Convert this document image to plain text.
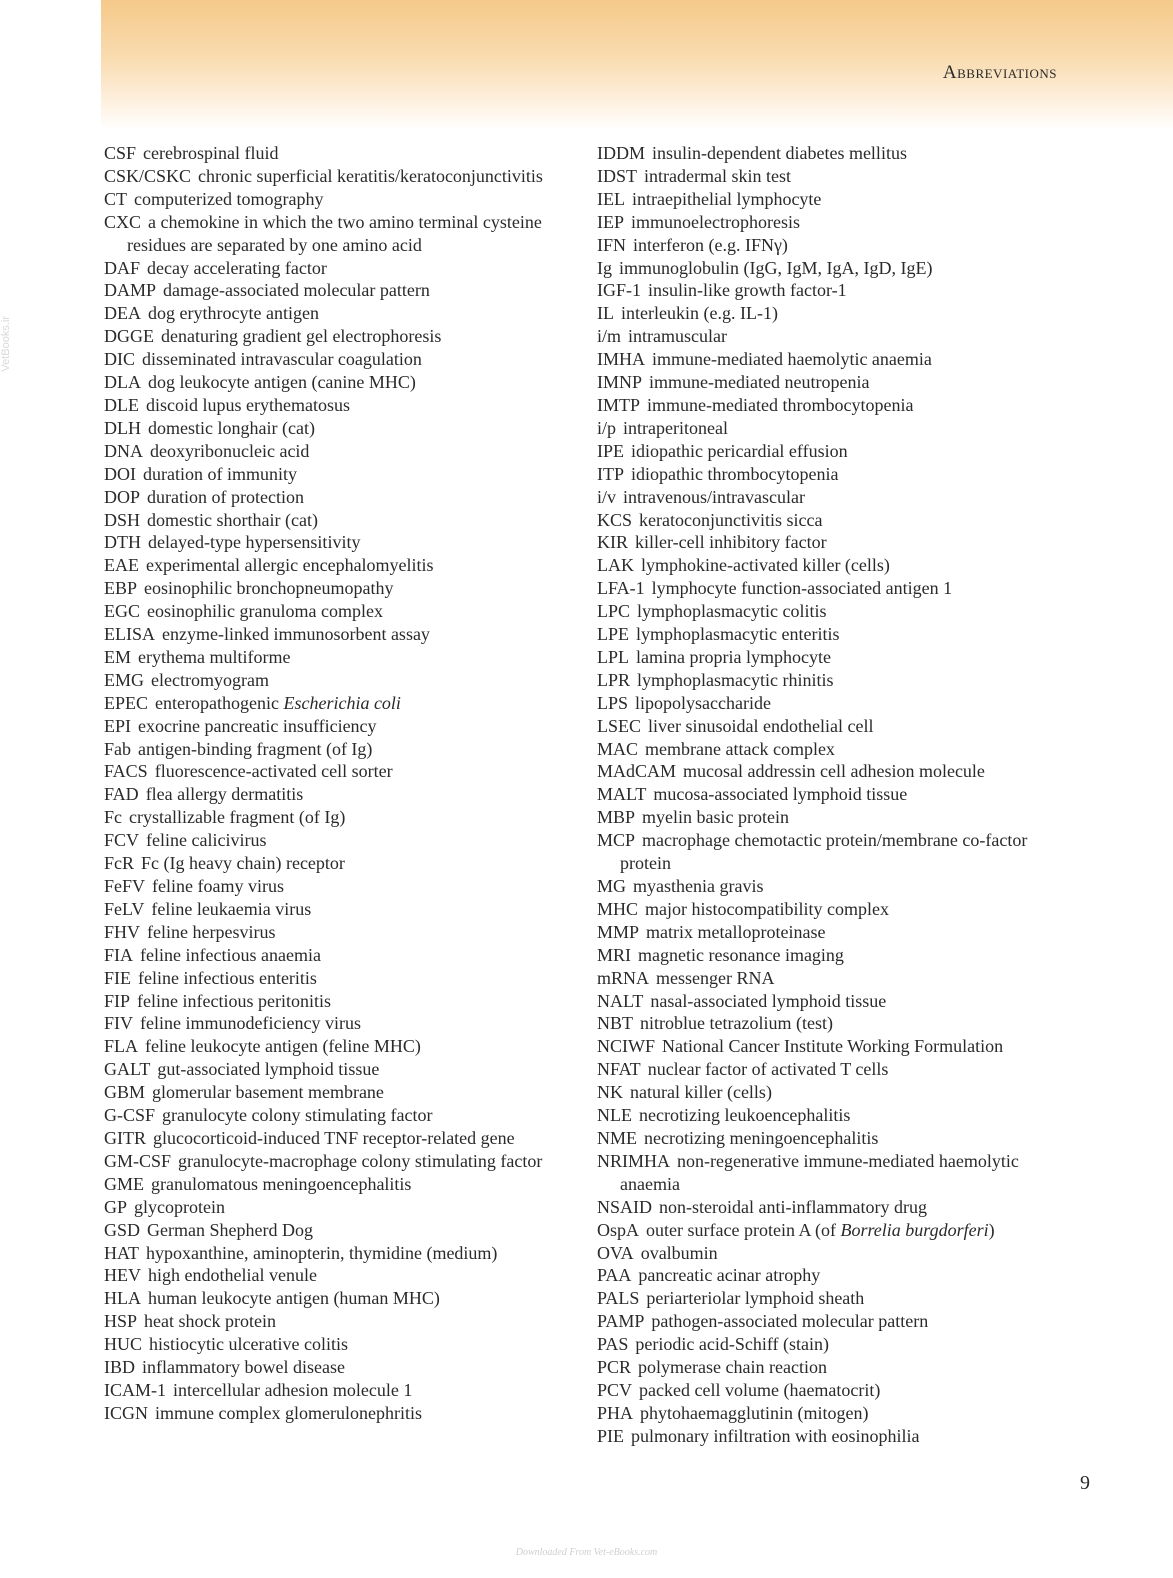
Abbreviations
VetBooks.ir
CSF cerebrospinal fluid
CSK/CSKC chronic superficial keratitis/keratoconjunctivitis
CT computerized tomography
CXC a chemokine in which the two amino terminal cysteine residues are separated by one amino acid
DAF decay accelerating factor
DAMP damage-associated molecular pattern
DEA dog erythrocyte antigen
DGGE denaturing gradient gel electrophoresis
DIC disseminated intravascular coagulation
DLA dog leukocyte antigen (canine MHC)
DLE discoid lupus erythematosus
DLH domestic longhair (cat)
DNA deoxyribonucleic acid
DOI duration of immunity
DOP duration of protection
DSH domestic shorthair (cat)
DTH delayed-type hypersensitivity
EAE experimental allergic encephalomyelitis
EBP eosinophilic bronchopneumopathy
EGC eosinophilic granuloma complex
ELISA enzyme-linked immunosorbent assay
EM erythema multiforme
EMG electromyogram
EPEC enteropathogenic Escherichia coli
EPI exocrine pancreatic insufficiency
Fab antigen-binding fragment (of Ig)
FACS fluorescence-activated cell sorter
FAD flea allergy dermatitis
Fc crystallizable fragment (of Ig)
FCV feline calicivirus
FcR Fc (Ig heavy chain) receptor
FeFV feline foamy virus
FeLV feline leukaemia virus
FHV feline herpesvirus
FIA feline infectious anaemia
FIE feline infectious enteritis
FIP feline infectious peritonitis
FIV feline immunodeficiency virus
FLA feline leukocyte antigen (feline MHC)
GALT gut-associated lymphoid tissue
GBM glomerular basement membrane
G-CSF granulocyte colony stimulating factor
GITR glucocorticoid-induced TNF receptor-related gene
GM-CSF granulocyte-macrophage colony stimulating factor
GME granulomatous meningoencephalitis
GP glycoprotein
GSD German Shepherd Dog
HAT hypoxanthine, aminopterin, thymidine (medium)
HEV high endothelial venule
HLA human leukocyte antigen (human MHC)
HSP heat shock protein
HUC histiocytic ulcerative colitis
IBD inflammatory bowel disease
ICAM-1 intercellular adhesion molecule 1
ICGN immune complex glomerulonephritis
IDDM insulin-dependent diabetes mellitus
IDST intradermal skin test
IEL intraepithelial lymphocyte
IEP immunoelectrophoresis
IFN interferon (e.g. IFNγ)
Ig immunoglobulin (IgG, IgM, IgA, IgD, IgE)
IGF-1 insulin-like growth factor-1
IL interleukin (e.g. IL-1)
i/m intramuscular
IMHA immune-mediated haemolytic anaemia
IMNP immune-mediated neutropenia
IMTP immune-mediated thrombocytopenia
i/p intraperitoneal
IPE idiopathic pericardial effusion
ITP idiopathic thrombocytopenia
i/v intravenous/intravascular
KCS keratoconjunctivitis sicca
KIR killer-cell inhibitory factor
LAK lymphokine-activated killer (cells)
LFA-1 lymphocyte function-associated antigen 1
LPC lymphoplasmacytic colitis
LPE lymphoplasmacytic enteritis
LPL lamina propria lymphocyte
LPR lymphoplasmacytic rhinitis
LPS lipopolysaccharide
LSEC liver sinusoidal endothelial cell
MAC membrane attack complex
MAdCAM mucosal addressin cell adhesion molecule
MALT mucosa-associated lymphoid tissue
MBP myelin basic protein
MCP macrophage chemotactic protein/membrane co-factor protein
MG myasthenia gravis
MHC major histocompatibility complex
MMP matrix metalloproteinase
MRI magnetic resonance imaging
mRNA messenger RNA
NALT nasal-associated lymphoid tissue
NBT nitroblue tetrazolium (test)
NCIWF National Cancer Institute Working Formulation
NFAT nuclear factor of activated T cells
NK natural killer (cells)
NLE necrotizing leukoencephalitis
NME necrotizing meningoencephalitis
NRIMHA non-regenerative immune-mediated haemolytic anaemia
NSAID non-steroidal anti-inflammatory drug
OspA outer surface protein A (of Borrelia burgdorferi)
OVA ovalbumin
PAA pancreatic acinar atrophy
PALS periarteriolar lymphoid sheath
PAMP pathogen-associated molecular pattern
PAS periodic acid-Schiff (stain)
PCR polymerase chain reaction
PCV packed cell volume (haematocrit)
PHA phytohaemagglutinin (mitogen)
PIE pulmonary infiltration with eosinophilia
9
Downloaded From Vet-eBooks.com
